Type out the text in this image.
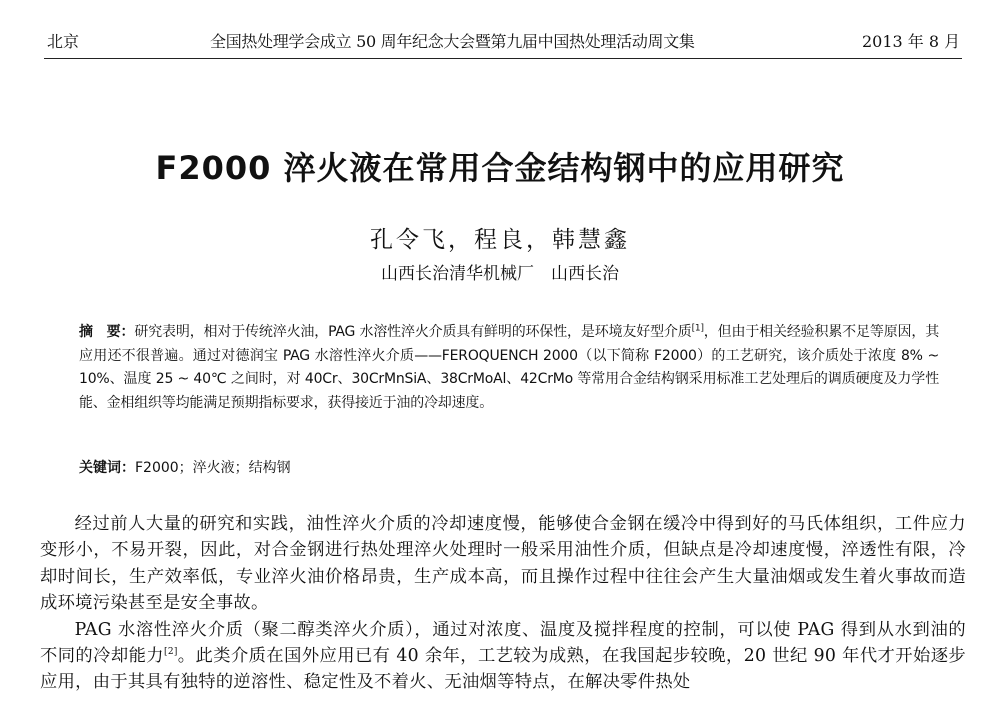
北京	全国热处理学会成立 50 周年纪念大会暨第九届中国热处理活动周文集	2013 年 8 月
F2000 淬火液在常用合金结构钢中的应用研究
孔令飞，程良，韩慧鑫
山西长治清华机械厂　山西长治
摘　要：研究表明，相对于传统淬火油，PAG 水溶性淬火介质具有鲜明的环保性，是环境友好型介质[1]，但由于相关经验积累不足等原因，其应用还不很普遍。通过对德润宝 PAG 水溶性淬火介质——FEROQUENCH 2000（以下简称 F2000）的工艺研究，该介质处于浓度 8% ~ 10%、温度 25 ~ 40℃ 之间时，对 40Cr、30CrMnSiA、38CrMoAl、42CrMo 等常用合金结构钢采用标准工艺处理后的调质硬度及力学性能、金相组织等均能满足预期指标要求，获得接近于油的冷却速度。
关键词：F2000；淬火液；结构钢

经过前人大量的研究和实践，油性淬火介质的冷却速度慢，能够使合金钢在缓冷中得到好的马氏体组织，工件应力变形小，不易开裂，因此，对合金钢进行热处理淬火处理时一般采用油性介质，但缺点是冷却速度慢，淬透性有限，冷却时间长，生产效率低，专业淬火油价格昂贵，生产成本高，而且操作过程中往往会产生大量油烟或发生着火事故而造成环境污染甚至是安全事故。

PAG 水溶性淬火介质（聚二醇类淬火介质），通过对浓度、温度及搅拌程度的控制，可以使 PAG 得到从水到油的不同的冷却能力[2]。此类介质在国外应用已有 40 余年，工艺较为成熟，在我国起步较晚，20 世纪 90 年代才开始逐步应用，由于其具有独特的逆溶性、稳定性及不着火、无油烟等特点，在解决零件热处
